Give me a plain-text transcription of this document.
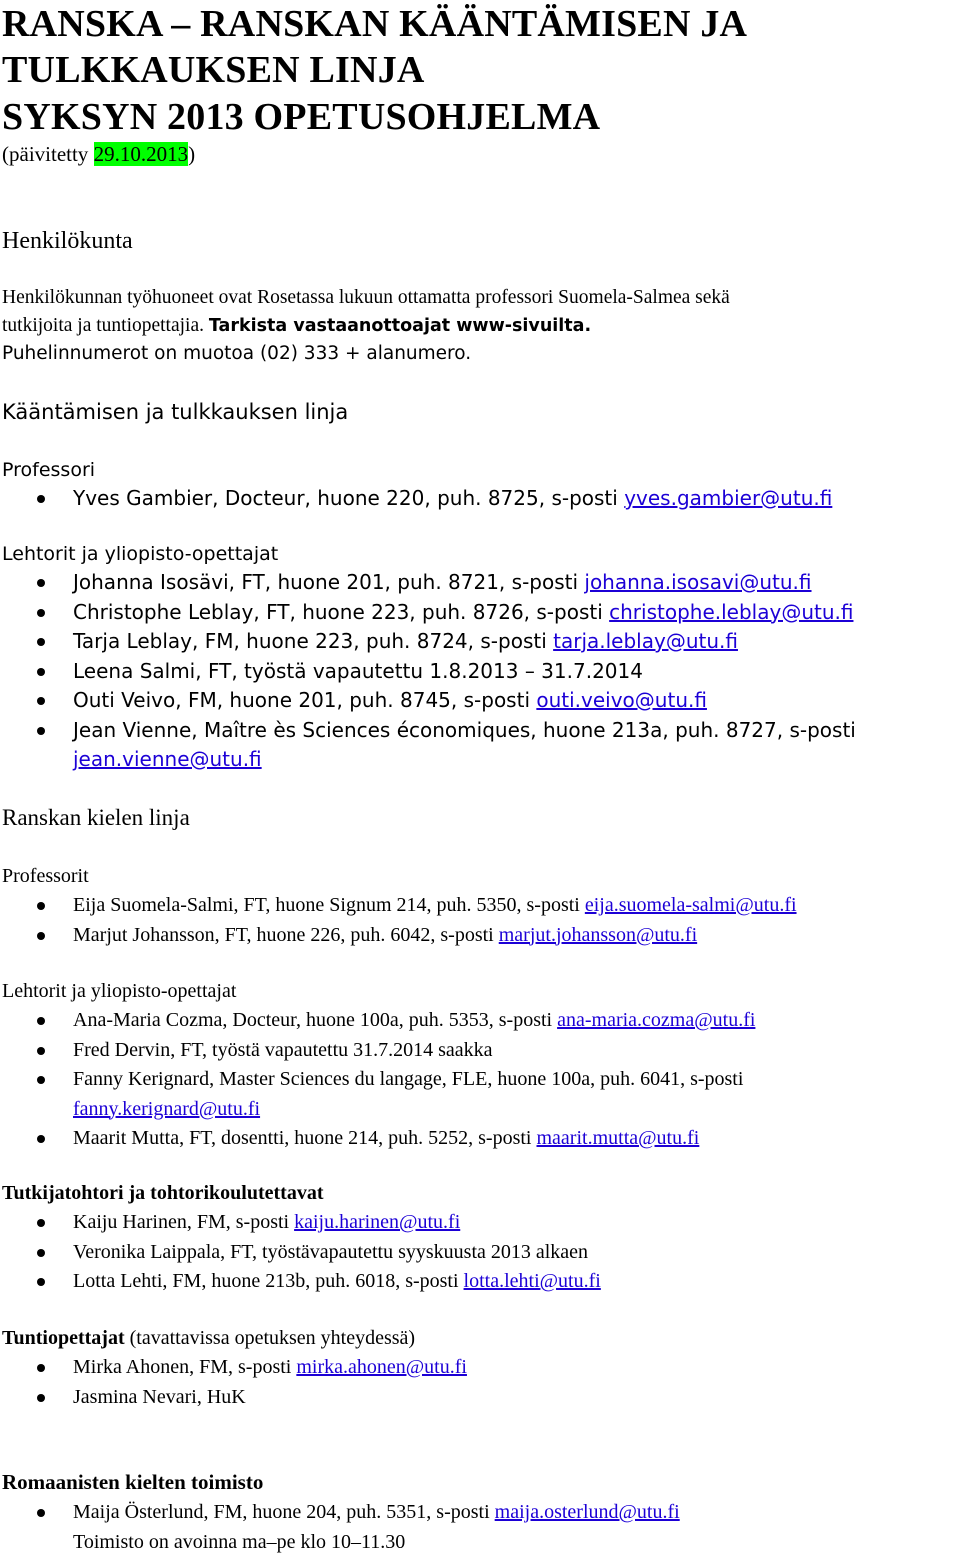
RANSKA – RANSKAN KÄÄNTÄMISEN JA
TULKKAUKSEN LINJA
SYKSYN 2013 OPETUSOHJELMA
(päivitetty 29.10.2013)
Henkilökunta
Henkilökunnan työhuoneet ovat Rosetassa lukuun ottamatta professori Suomela-Salmea sekä
tutkijoita ja tuntiopettajia. Tarkista vastaanottoajat www-sivuilta.
Puhelinnumerot on muotoa (02) 333 + alanumero.
Kääntämisen ja tulkkauksen linja
Professori
Yves Gambier, Docteur, huone 220, puh. 8725, s-posti yves.gambier@utu.fi
Lehtorit ja yliopisto-opettajat
Johanna Isosävi, FT, huone 201, puh. 8721, s-posti johanna.isosavi@utu.fi
Christophe Leblay, FT, huone 223, puh. 8726, s-posti christophe.leblay@utu.fi
Tarja Leblay, FM, huone 223, puh. 8724, s-posti tarja.leblay@utu.fi
Leena Salmi, FT, työstä vapautettu 1.8.2013 – 31.7.2014
Outi Veivo, FM, huone 201, puh. 8745, s-posti outi.veivo@utu.fi
Jean Vienne, Maître ès Sciences économiques, huone 213a, puh. 8727, s-posti jean.vienne@utu.fi
Ranskan kielen linja
Professorit
Eija Suomela-Salmi, FT, huone Signum 214, puh. 5350, s-posti eija.suomela-salmi@utu.fi
Marjut Johansson, FT, huone 226, puh. 6042, s-posti marjut.johansson@utu.fi
Lehtorit ja yliopisto-opettajat
Ana-Maria Cozma, Docteur, huone 100a, puh. 5353, s-posti ana-maria.cozma@utu.fi
Fred Dervin, FT, työstä vapautettu 31.7.2014 saakka
Fanny Kerignard, Master Sciences du langage, FLE, huone 100a, puh. 6041, s-posti fanny.kerignard@utu.fi
Maarit Mutta, FT, dosentti, huone 214, puh. 5252, s-posti maarit.mutta@utu.fi
Tutkijatohtori ja tohtorikoulutettavat
Kaiju Harinen, FM, s-posti kaiju.harinen@utu.fi
Veronika Laippala, FT, työstävapautettu syyskuusta 2013 alkaen
Lotta Lehti, FM, huone 213b, puh. 6018, s-posti lotta.lehti@utu.fi
Tuntiopettajat (tavattavissa opetuksen yhteydessä)
Mirka Ahonen, FM, s-posti mirka.ahonen@utu.fi
Jasmina Nevari, HuK
Romaanisten kielten toimisto
Maija Österlund, FM, huone 204, puh. 5351, s-posti maija.osterlund@utu.fi
Toimisto on avoinna ma–pe klo 10–11.30
